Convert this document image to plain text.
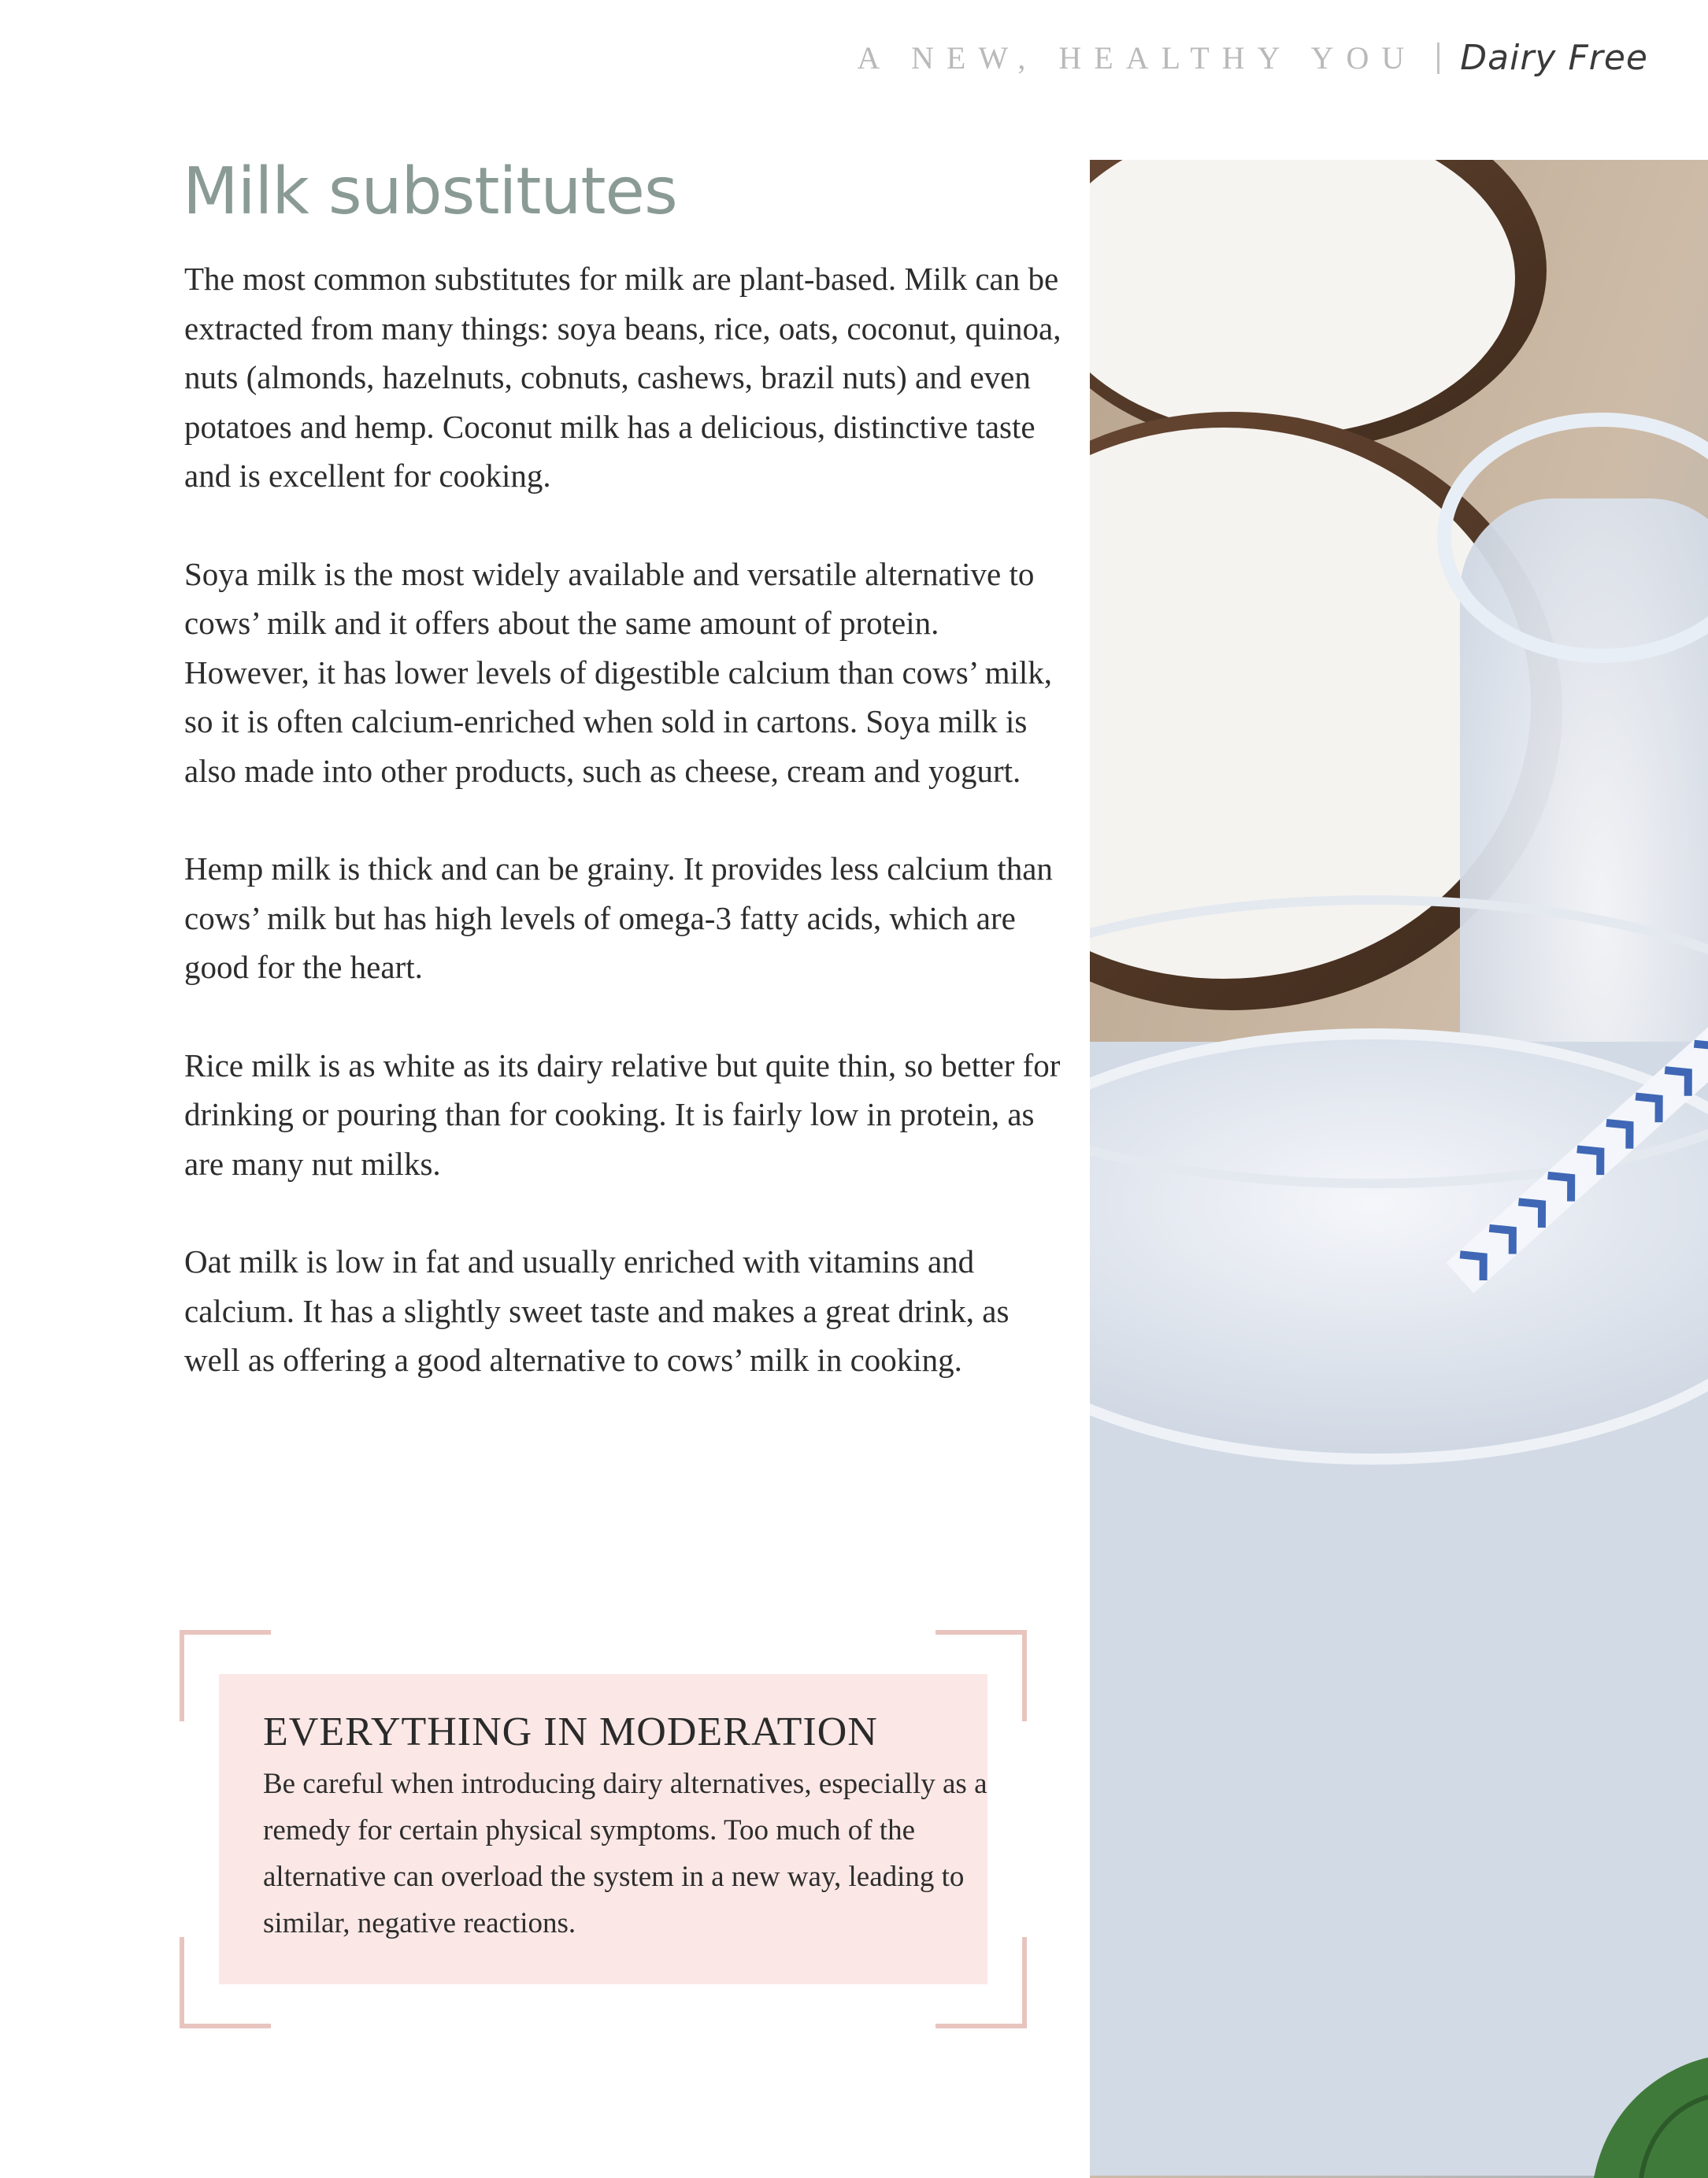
A NEW, HEALTHY YOU Dairy Free
Milk substitutes

The most common substitutes for milk are plant-based. Milk can be extracted from many things: soya beans, rice, oats, coconut, quinoa, nuts (almonds, hazelnuts, cobnuts, cashews, brazil nuts) and even potatoes and hemp. Coconut milk has a delicious, distinctive taste and is excellent for cooking.

Soya milk is the most widely available and versatile alternative to cows’ milk and it offers about the same amount of protein. However, it has lower levels of digestible calcium than cows’ milk, so it is often calcium-enriched when sold in cartons. Soya milk is also made into other products, such as cheese, cream and yogurt.

Hemp milk is thick and can be grainy. It provides less calcium than cows’ milk but has high levels of omega-3 fatty acids, which are good for the heart.

Rice milk is as white as its dairy relative but quite thin, so better for drinking or pouring than for cooking. It is fairly low in protein, as are many nut milks.

Oat milk is low in fat and usually enriched with vitamins and calcium. It has a slightly sweet taste and makes a great drink, as well as offering a good alternative to cows’ milk in cooking.

EVERYTHING IN MODERATION

Be careful when introducing dairy alternatives, especially as a remedy for certain physical symptoms. Too much of the alternative can overload the system in a new way, leading to similar, negative reactions.
